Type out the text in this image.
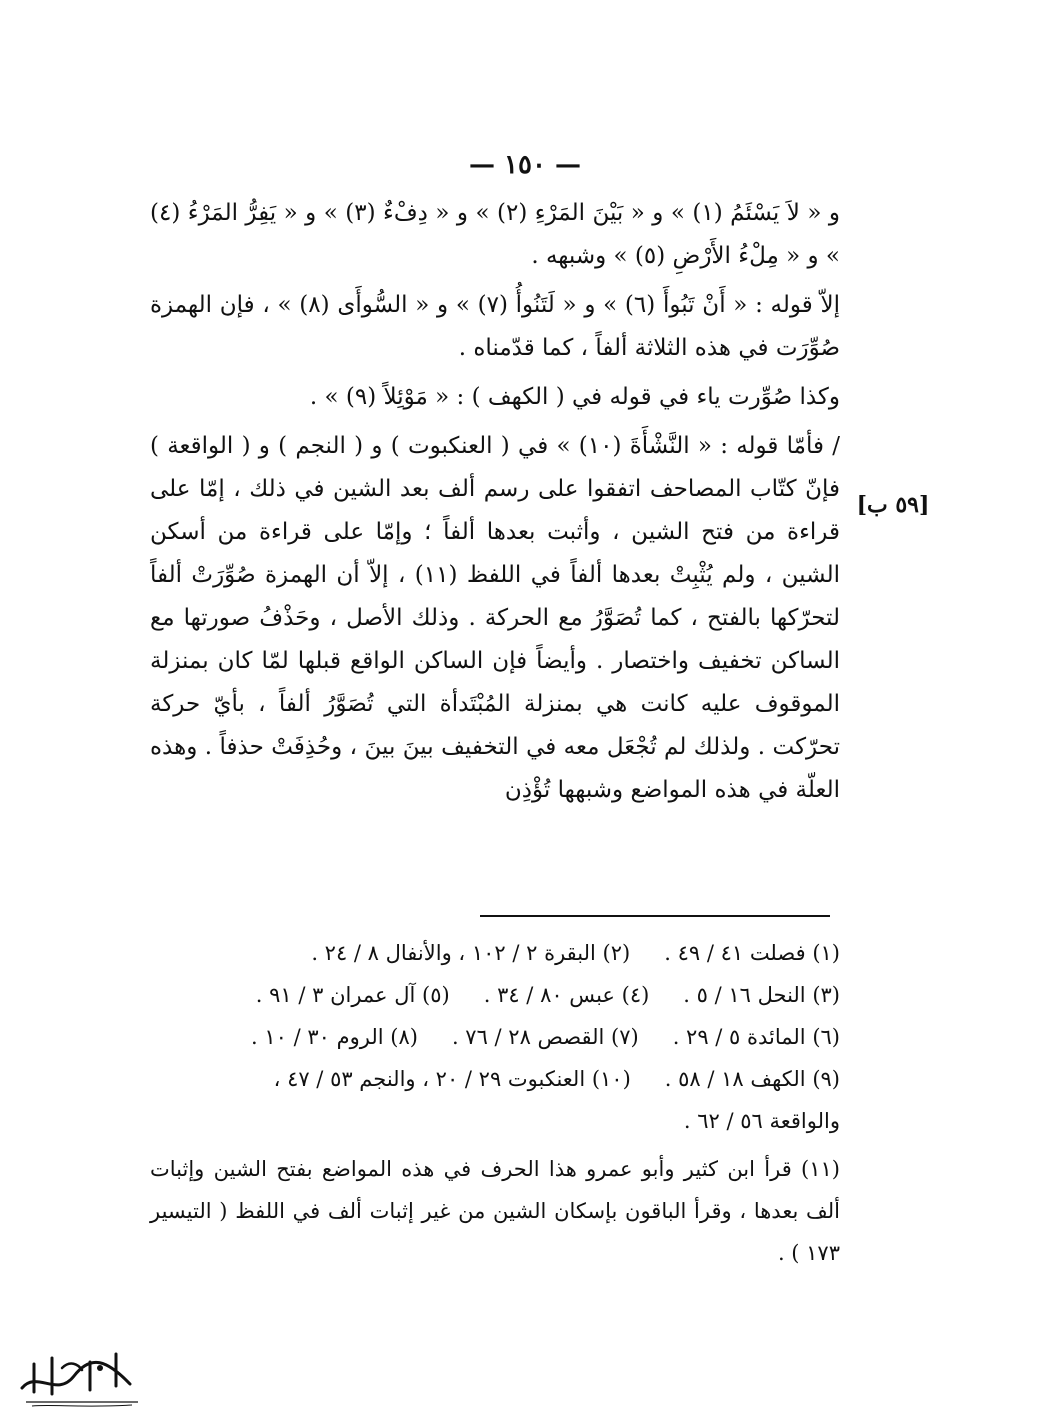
— ١٥٠ —
[٥٩ ب]

و « لاَ يَسْئَمُ (١) » و « بَيْنَ المَرْءِ (٢) » و « دِفْءٌ (٣) » و « يَفِرُّ المَرْءُ (٤) » و « مِلْءُ الأَرْضِ (٥) » وشبهه .

إلاّ قوله : « أَنْ تَبُوأَ (٦) » و « لَتَنُوأُ (٧) » و « السُّوأَى (٨) » ، فإن الهمزة صُوِّرَت في هذه الثلاثة ألفاً ، كما قدّمناه .

وكذا صُوِّرت ياء في قوله في ( الكهف ) : « مَوْئِلاً (٩) » .

/ فأمّا قوله : « النَّشْأَةَ (١٠) » في ( العنكبوت ) و ( النجم ) و ( الواقعة ) فإنّ كتّاب المصاحف اتفقوا على رسم ألف بعد الشين في ذلك ، إمّا على قراءة من فتح الشين ، وأثبت بعدها ألفاً ؛ وإمّا على قراءة من أسكن الشين ، ولم يُثْبِتْ بعدها ألفاً في اللفظ (١١) ، إلاّ أن الهمزة صُوِّرَتْ ألفاً لتحرّكها بالفتح ، كما تُصَوَّرُ مع الحركة . وذلك الأصل ، وحَذْفُ صورتها مع الساكن تخفيف واختصار . وأيضاً فإن الساكن الواقع قبلها لمّا كان بمنزلة الموقوف عليه كانت هي بمنزلة المُبْتَدأة التي تُصَوَّرُ ألفاً ، بأيّ حركة تحرّكت . ولذلك لم تُجْعَل معه في التخفيف بينَ بينَ ، وحُذِفَتْ حذفاً . وهذه العلّة في هذه المواضع وشبهها تُؤْذِن

(١) فصلت ٤١ / ٤٩ .
(٢) البقرة ٢ / ١٠٢ ، والأنفال ٨ / ٢٤ .
(٣) النحل ١٦ / ٥ .
(٤) عبس ٨٠ / ٣٤ .
(٥) آل عمران ٣ / ٩١ .
(٦) المائدة ٥ / ٢٩ .
(٧) القصص ٢٨ / ٧٦ .
(٨) الروم ٣٠ / ١٠ .
(٩) الكهف ١٨ / ٥٨ .
(١٠) العنكبوت ٢٩ / ٢٠ ، والنجم ٥٣ / ٤٧ ،
والواقعة ٥٦ / ٦٢ .
(١١) قرأ ابن كثير وأبو عمرو هذا الحرف في هذه المواضع بفتح الشين وإثبات ألف بعدها ، وقرأ الباقون بإسكان الشين من غير إثبات ألف في اللفظ ( التيسير ١٧٣ ) .
